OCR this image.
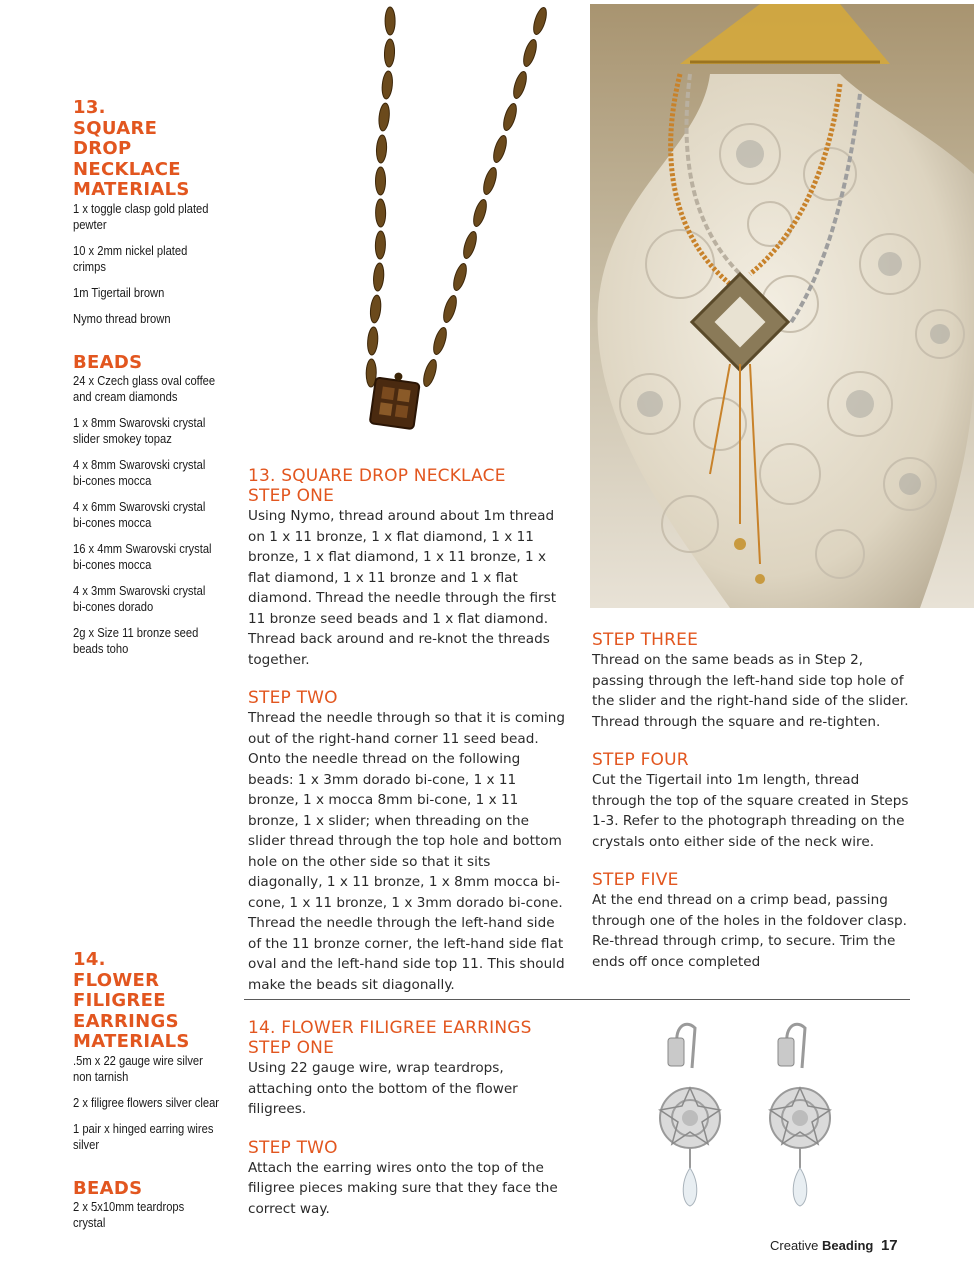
13. SQUARE DROP NECKLACE
MATERIALS
1 x toggle clasp gold plated pewter
10 x 2mm nickel plated crimps
1m Tigertail brown
Nymo thread brown
BEADS
24 x Czech glass oval coffee and cream diamonds
1 x 8mm Swarovski crystal slider smokey topaz
4 x 8mm Swarovski crystal bi-cones mocca
4 x 6mm Swarovski crystal bi-cones mocca
16 x 4mm Swarovski crystal bi-cones mocca
4 x 3mm Swarovski crystal bi-cones dorado
2g x Size 11 bronze seed beads toho
14. FLOWER FILIGREE EARRINGS
MATERIALS
.5m x 22 gauge wire silver non tarnish
2 x filigree flowers silver clear
1 pair x hinged earring wires silver
BEADS
2 x 5x10mm teardrops crystal
13. SQUARE DROP NECKLACE
STEP ONE
Using Nymo, thread around about 1m thread on 1 x 11 bronze, 1 x flat diamond, 1 x 11 bronze, 1 x flat diamond, 1 x 11 bronze, 1 x flat diamond, 1 x 11 bronze and 1 x flat diamond. Thread the needle through the first 11 bronze seed beads and 1 x flat diamond. Thread back around and re-knot the threads together.
STEP TWO
Thread the needle through so that it is coming out of the right-hand corner 11 seed bead. Onto the needle thread on the following beads: 1 x 3mm dorado bi-cone, 1 x 11 bronze, 1 x mocca 8mm bi-cone, 1 x 11 bronze, 1 x slider; when threading on the slider thread through the top hole and bottom hole on the other side so that it sits diagonally, 1 x 11 bronze, 1 x 8mm mocca bi-cone, 1 x 11 bronze, 1 x 3mm dorado bi-cone. Thread the needle through the left-hand side of the 11 bronze corner, the left-hand side flat oval and the left-hand side top 11. This should make the beads sit diagonally.
STEP THREE
Thread on the same beads as in Step 2, passing through the left-hand side top hole of the slider and the right-hand side of the slider. Thread through the square and re-tighten.
STEP FOUR
Cut the Tigertail into 1m length, thread through the top of the square created in Steps 1-3. Refer to the photograph threading on the crystals onto either side of the neck wire.
STEP FIVE
At the end thread on a crimp bead, passing through one of the holes in the foldover clasp. Re-thread through crimp, to secure. Trim the ends off once completed
14. FLOWER FILIGREE EARRINGS
STEP ONE
Using 22 gauge wire, wrap teardrops, attaching onto the bottom of the flower filigrees.
STEP TWO
Attach the earring wires onto the top of the filigree pieces making sure that they face the correct way.
Creative Beading 17
